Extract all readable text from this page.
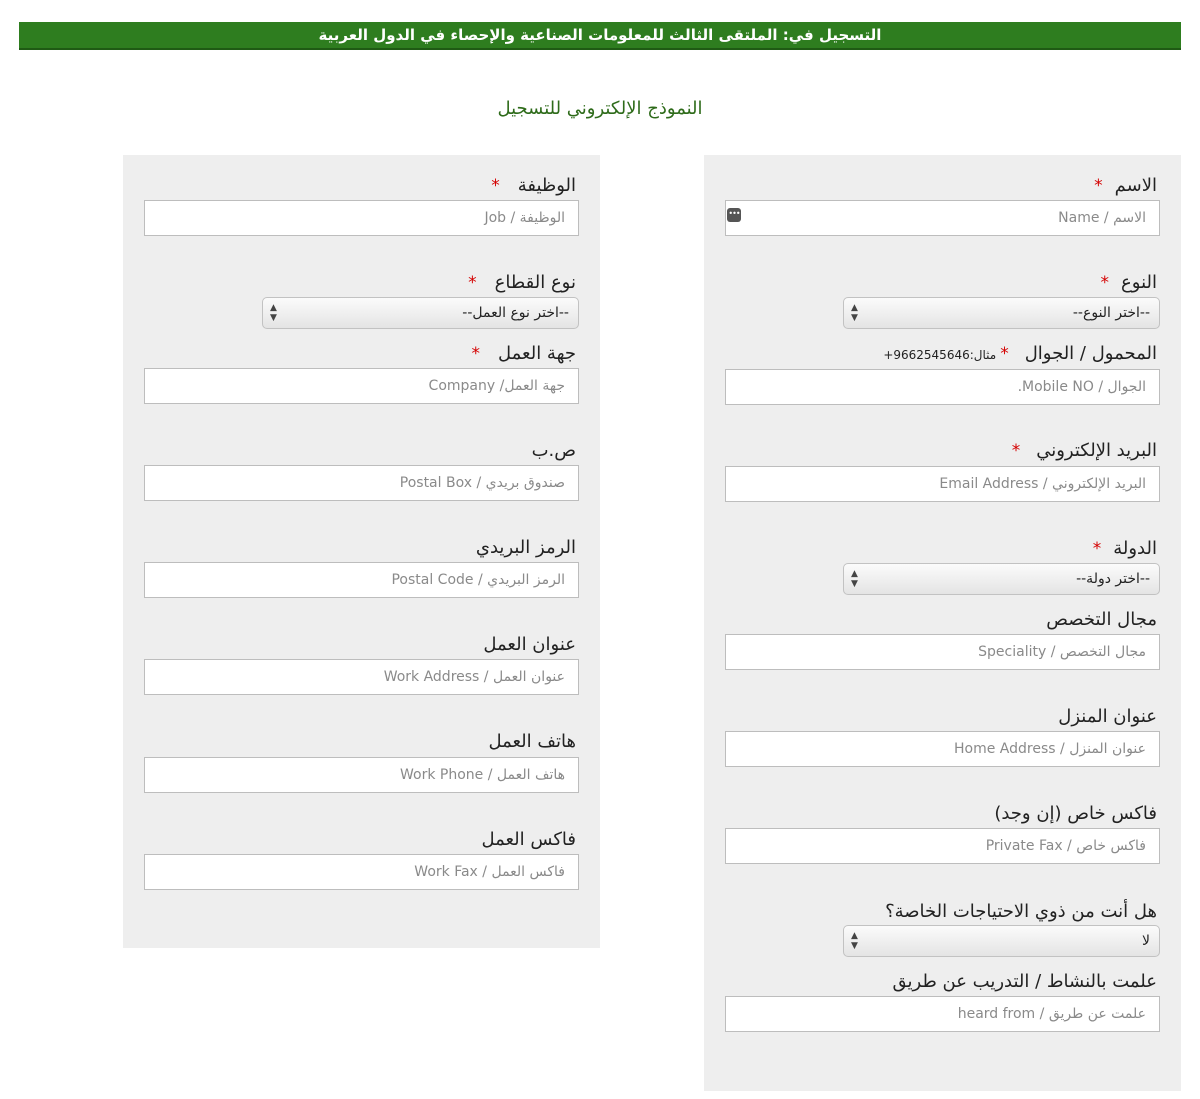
التسجيل في: الملتقى الثالث للمعلومات الصناعية والإحصاء في الدول العربية
النموذج الإلكتروني للتسجيل
الاسم*
الاسم / Name
•••
النوع*
--اختر النوع--
▲
▼
المحمول / الجوال*مثال:9662545646+
الجوال / Mobile NO.
البريد الإلكتروني*
البريد الإلكتروني / Email Address
الدولة*
--اختر دولة--
▲
▼
مجال التخصص
مجال التخصص / Speciality
عنوان المنزل
عنوان المنزل / Home Address
فاكس خاص (إن وجد)
فاكس خاص / Private Fax
هل أنت من ذوي الاحتياجات الخاصة؟
لا
▲
▼
علمت بالنشاط / التدريب عن طريق
علمت عن طريق / heard from
الوظيفة*
الوظيفة / Job
نوع القطاع*
--اختر نوع العمل--
▲
▼
جهة العمل*
جهة العمل/ Company
ص.ب
صندوق بريدي / Postal Box
الرمز البريدي
الرمز البريدي / Postal Code
عنوان العمل
عنوان العمل / Work Address
هاتف العمل
هاتف العمل / Work Phone
فاكس العمل
فاكس العمل / Work Fax
